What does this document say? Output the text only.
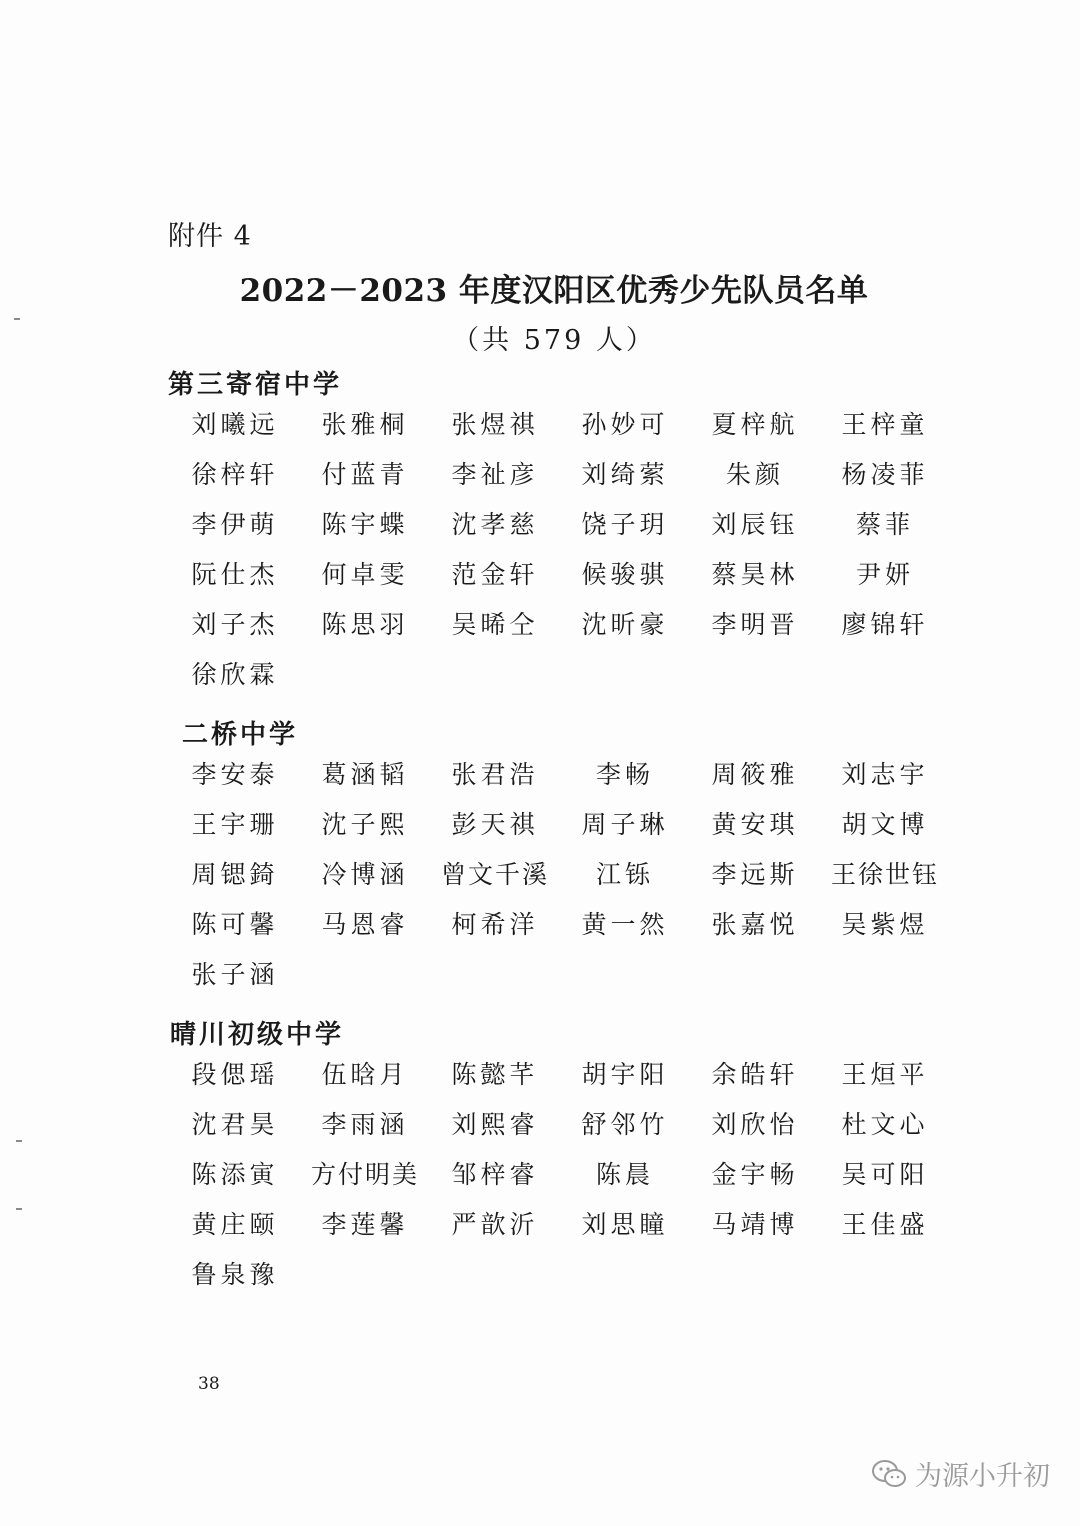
附件 4
2022－2023 年度汉阳区优秀少先队员名单
（共 579 人）
第三寄宿中学
刘曦远	张雅桐	张煜祺	孙妙可	夏梓航	王梓童
徐梓轩	付蓝青	李祉彦	刘绮萦	朱颜	杨凌菲
李伊萌	陈宇蝶	沈孝慈	饶子玥	刘辰钰	蔡菲
阮仕杰	何卓雯	范金轩	候骏骐	蔡昊林	尹妍
刘子杰	陈思羽	吴晞仝	沈昕豪	李明晋	廖锦轩
徐欣霖
二桥中学
李安泰	葛涵韬	张君浩	李畅	周筱雅	刘志宇
王宇珊	沈子熙	彭天祺	周子琳	黄安琪	胡文博
周锶錡	冷博涵	曾文千溪	江铄	李远斯	王徐世钰
陈可馨	马恩睿	柯希洋	黄一然	张嘉悦	吴紫煜
张子涵
晴川初级中学
段偲瑶	伍晗月	陈懿芊	胡宇阳	余皓轩	王烜平
沈君昊	李雨涵	刘熙睿	舒邻竹	刘欣怡	杜文心
陈添寅	方付明美	邹梓睿	陈晨	金宇畅	吴可阳
黄庄颐	李莲馨	严歆沂	刘思瞳	马靖博	王佳盛
鲁泉豫
38
为源小升初
